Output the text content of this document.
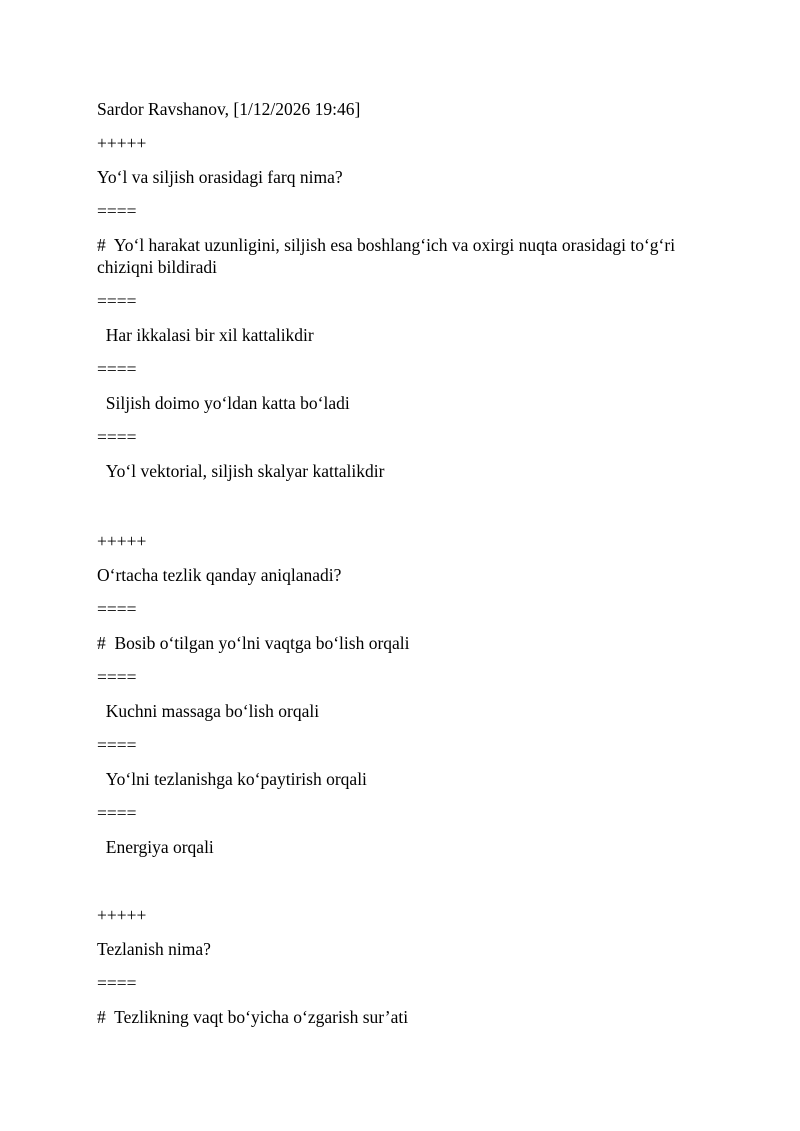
Sardor Ravshanov, [1/12/2026 19:46]
+++++
Yo‘l va siljish orasidagi farq nima?
====
#  Yo‘l harakat uzunligini, siljish esa boshlang‘ich va oxirgi nuqta orasidagi to‘g‘ri chiziqni bildiradi
====
Har ikkalasi bir xil kattalikdir
====
Siljish doimo yo‘ldan katta bo‘ladi
====
Yo‘l vektorial, siljish skalyar kattalikdir
+++++
O‘rtacha tezlik qanday aniqlanadi?
====
#  Bosib o‘tilgan yo‘lni vaqtga bo‘lish orqali
====
Kuchni massaga bo‘lish orqali
====
Yo‘lni tezlanishga ko‘paytirish orqali
====
Energiya orqali
+++++
Tezlanish nima?
====
#  Tezlikning vaqt bo‘yicha o‘zgarish sur’ati
